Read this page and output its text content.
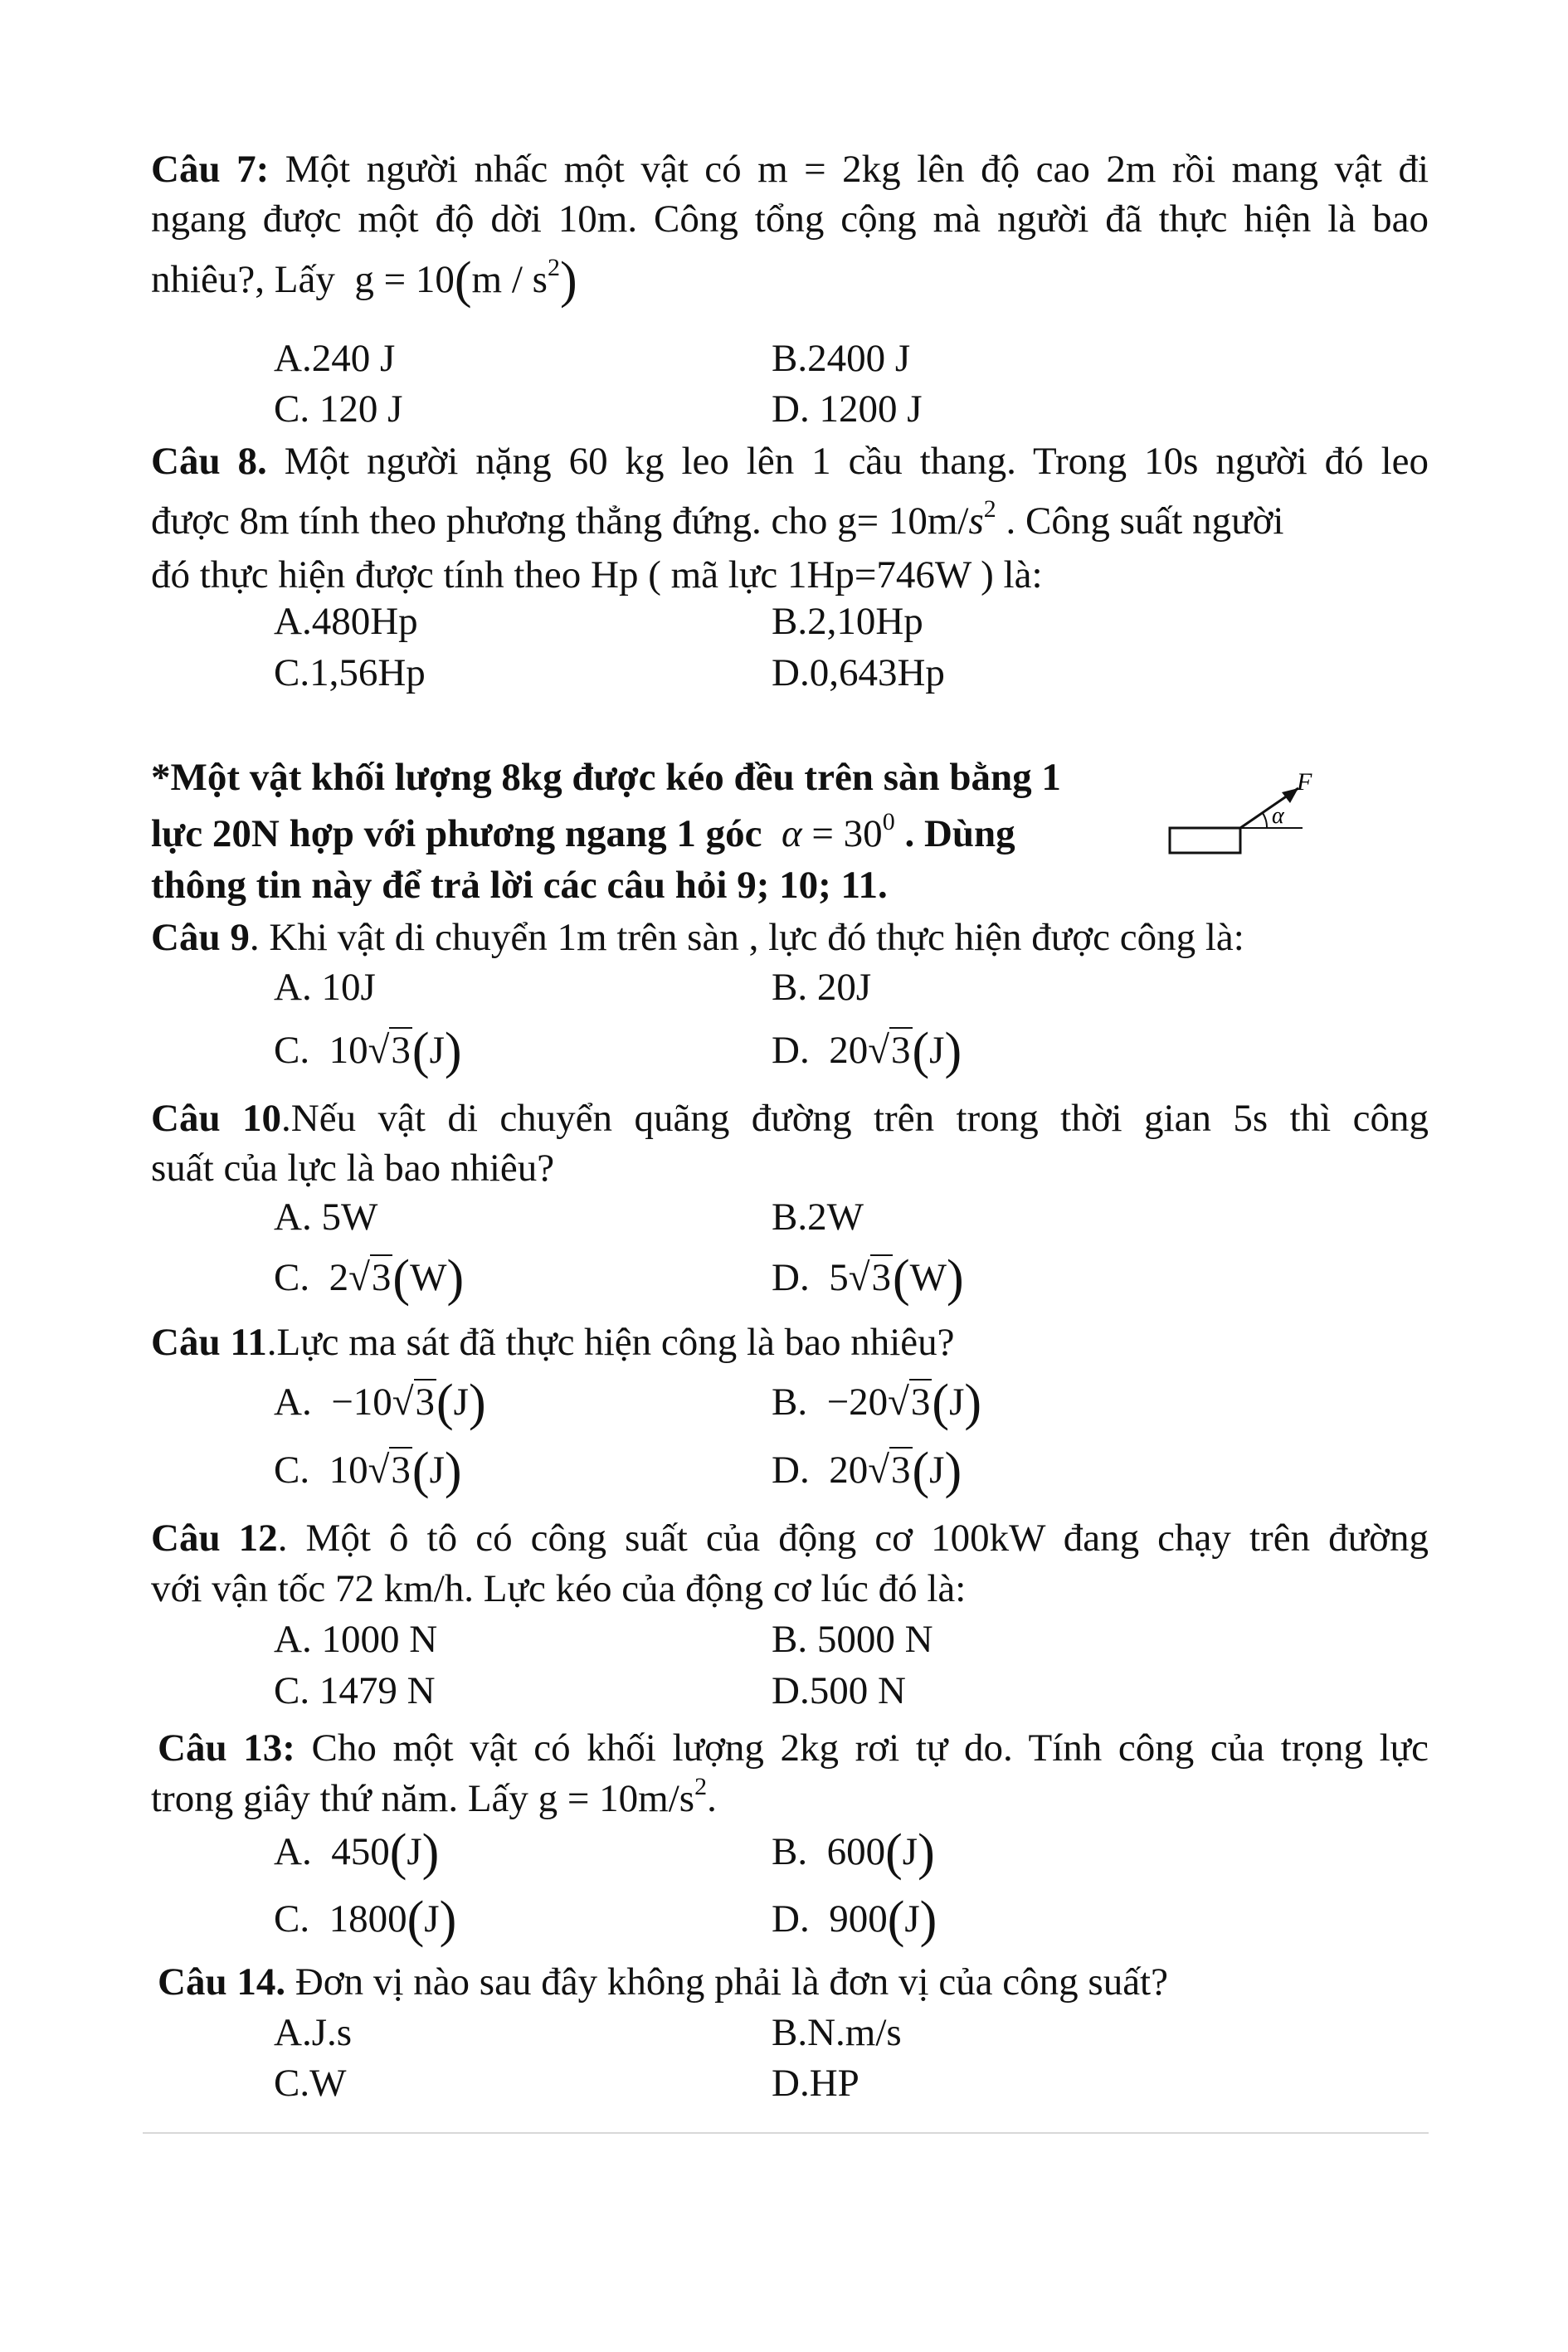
Câu 7: Một người nhấc một vật có m = 2kg lên độ cao 2m rồi mang vật đi
ngang được một độ dời 10m. Công tổng cộng mà người đã thực hiện là bao
nhiêu?, Lấy $g = 10(m / s^2)$
A.240 J	B.2400 J
C. 120 J	D. 1200 J
Câu 8. Một người nặng 60 kg leo lên 1 cầu thang. Trong 10s người đó leo
được 8m tính theo phương thẳng đứng. cho $g= 10m/s^2$ . Công suất người
đó thực hiện được tính theo Hp ( mã lực 1Hp=746W ) là:
A.480Hp	B.2,10Hp
C.1,56Hp	D.0,643Hp
*Một vật khối lượng 8kg được kéo đều trên sàn bằng 1
lực 20N hợp với phương ngang 1 góc $\alpha = 30^0$ . Dùng
thông tin này để trả lời các câu hỏi 9; 10; 11.
F
α
Câu 9. Khi vật di chuyển 1m trên sàn , lực đó thực hiện được công là:
A. 10J	B. 20J
C. 10√3(J)	D. 20√3(J)
Câu 10.Nếu vật di chuyển quãng đường trên trong thời gian 5s thì công
suất của lực là bao nhiêu?
A. 5W	B.2W
C. 2√3(W)	D. 5√3(W)
Câu 11.Lực ma sát đã thực hiện công là bao nhiêu?
A. −10√3(J)	B. −20√3(J)
C. 10√3(J)	D. 20√3(J)
Câu 12. Một ô tô có công suất của động cơ 100kW đang chạy trên đường
với vận tốc 72 km/h. Lực kéo của động cơ lúc đó là:
A. 1000 N	B. 5000 N
C. 1479 N	D.500 N
Câu 13: Cho một vật có khối lượng 2kg rơi tự do. Tính công của trọng lực
trong giây thứ năm. Lấy $g = 10m/s^2$.
A. 450(J)	B. 600(J)
C. 1800(J)	D. 900(J)
Câu 14. Đơn vị nào sau đây không phải là đơn vị của công suất?
A.J.s	B.N.m/s
C.W	D.HP
